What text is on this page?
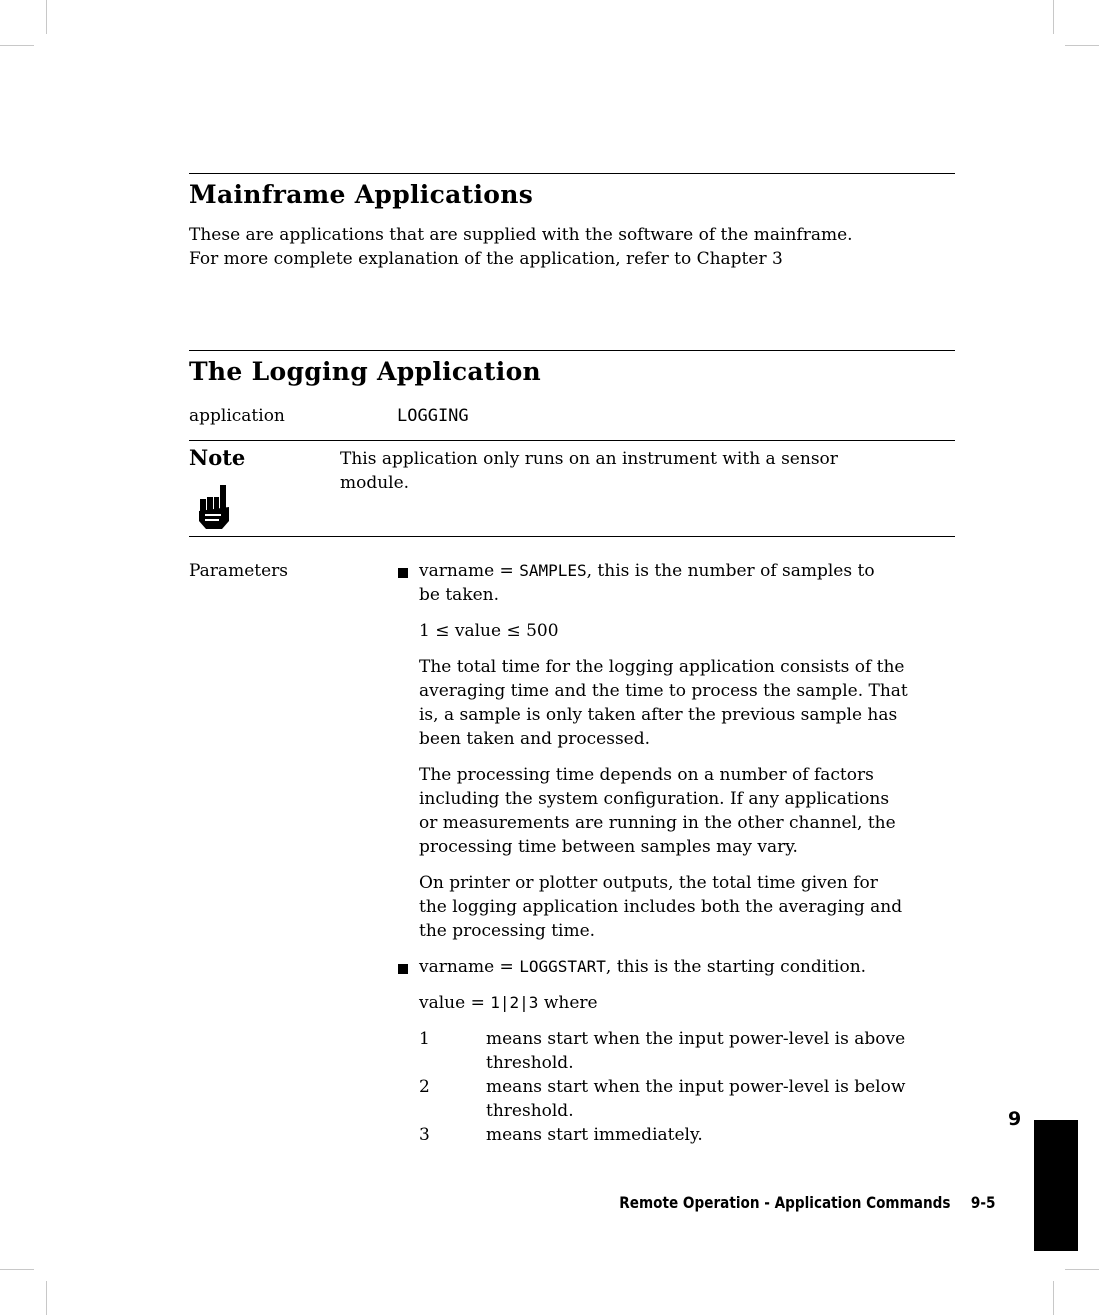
Mainframe Applications
These are applications that are supplied with the software of the mainframe.
For more complete explanation of the application, refer to Chapter 3
The Logging Application
application	LOGGING
Note	This application only runs on an instrument with a sensor
module.
Parameters	varname = SAMPLES, this is the number of samples to
be taken.

1 ≤ value ≤ 500

The total time for the logging application consists of the
averaging time and the time to process the sample. That
is, a sample is only taken after the previous sample has
been taken and processed.

The processing time depends on a number of factors
including the system configuration. If any applications
or measurements are running in the other channel, the
processing time between samples may vary.

On printer or plotter outputs, the total time given for
the logging application includes both the averaging and
the processing time.

varname = LOGGSTART, this is the starting condition.

value = 1|2|3 where

1	means start when the input power-level is above
threshold.
2	means start when the input power-level is below
threshold.
3	means start immediately.
Remote Operation - Application Commands 9-5
9
